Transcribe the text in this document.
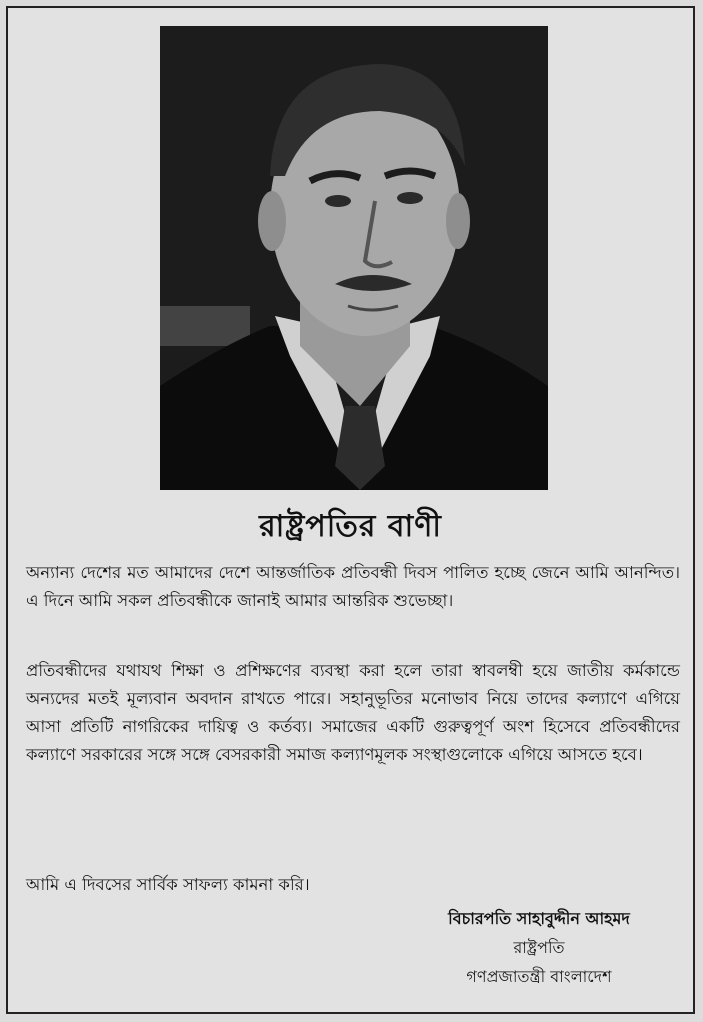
রাষ্ট্রপতির বাণী

অন্যান্য দেশের মত আমাদের দেশে আন্তর্জাতিক প্রতিবন্ধী দিবস পালিত হচ্ছে জেনে আমি আনন্দিত। এ দিনে আমি সকল প্রতিবন্ধীকে জানাই আমার আন্তরিক শুভেচ্ছা।

প্রতিবন্ধীদের যথাযথ শিক্ষা ও প্রশিক্ষণের ব্যবস্থা করা হলে তারা স্বাবলম্বী হয়ে জাতীয় কর্মকান্ডে অন্যদের মতই মূল্যবান অবদান রাখতে পারে। সহানুভূতির মনোভাব নিয়ে তাদের কল্যাণে এগিয়ে আসা প্রতিটি নাগরিকের দায়িত্ব ও কর্তব্য। সমাজের একটি গুরুত্বপূর্ণ অংশ হিসেবে প্রতিবন্ধীদের কল্যাণে সরকারের সঙ্গে সঙ্গে বেসরকারী সমাজ কল্যাণমূলক সংস্থাগুলোকে এগিয়ে আসতে হবে।

আমি এ দিবসের সার্বিক সাফল্য কামনা করি।

বিচারপতি সাহাবুদ্দীন আহমদ
রাষ্ট্রপতি
গণপ্রজাতন্ত্রী বাংলাদেশ
